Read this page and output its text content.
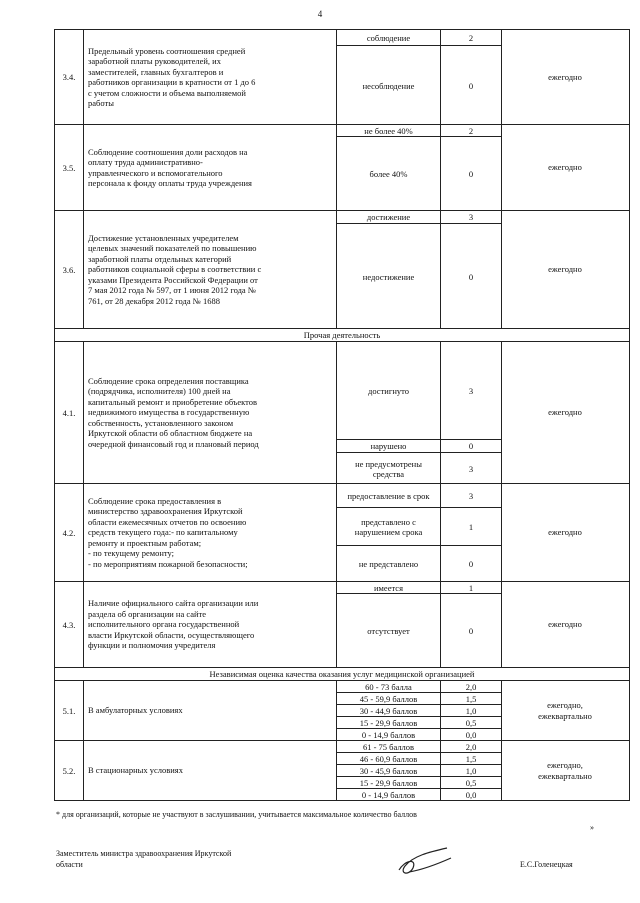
4
3.4.
Предельный уровень соотношения средней
заработной платы руководителей, их
заместителей, главных бухгалтеров и
работников организации в кратности от 1 до 6
с учетом сложности и объема выполняемой
работы
соблюдение	2
несоблюдение	0
ежегодно
3.5.
Соблюдение соотношения доли расходов на
оплату труда административно-
управленческого и вспомогательного
персонала к фонду оплаты труда учреждения
не более 40%	2
более 40%	0
ежегодно
3.6.
Достижение установленных учредителем
целевых значений показателей по повышению
заработной платы отдельных категорий
работников социальной сферы в соответствии с
указами Президента Российской Федерации от
7 мая 2012 года № 597, от 1 июня 2012 года №
761, от 28 декабря 2012 года № 1688
достижение	3
недостижение	0
ежегодно
Прочая деятельность
4.1.
Соблюдение срока определения поставщика
(подрядчика, исполнителя) 100 дней на
капитальный ремонт и приобретение объектов
недвижимого имущества в государственную
собственность, установленного законом
Иркутской области об областном бюджете на
очередной финансовый год и плановый период
достигнуто	3
нарушено	0
не предусмотрены
средства	3
ежегодно
4.2.
Соблюдение срока предоставления в
министерство здравоохранения Иркутской
области ежемесячных отчетов по освоению
средств текущего года:- по капитальному
ремонту и проектным работам;
- по текущему ремонту;
- по мероприятиям пожарной безопасности;
предоставление в срок	3
представлено с
нарушением срока	1
не представлено	0
ежегодно
4.3.
Наличие официального сайта организации или
раздела об организации на сайте
исполнительного органа государственной
власти Иркутской области, осуществляющего
функции и полномочия учредителя
имеется	1
отсутствует	0
ежегодно
Независимая оценка качества оказания услуг медицинской организацией
5.1.	В амбулаторных условиях
60 - 73 балла	2,0
45 - 59,9 баллов	1,5
30 - 44,9 баллов	1,0
15 - 29,9 баллов	0,5
0 - 14,9 баллов	0,0
ежегодно,
ежеквартально
5.2.	В стационарных условиях
61 - 75 баллов	2,0
46 - 60,9 баллов	1,5
30 - 45,9 баллов	1,0
15 - 29,9 баллов	0,5
0 - 14,9 баллов	0,0
ежегодно,
ежеквартально
* для организаций, которые не участвуют в заслушивании, учитывается максимальное количество баллов
»
Заместитель министра здравоохранения Иркутской
области	Е.С.Голенецкая
